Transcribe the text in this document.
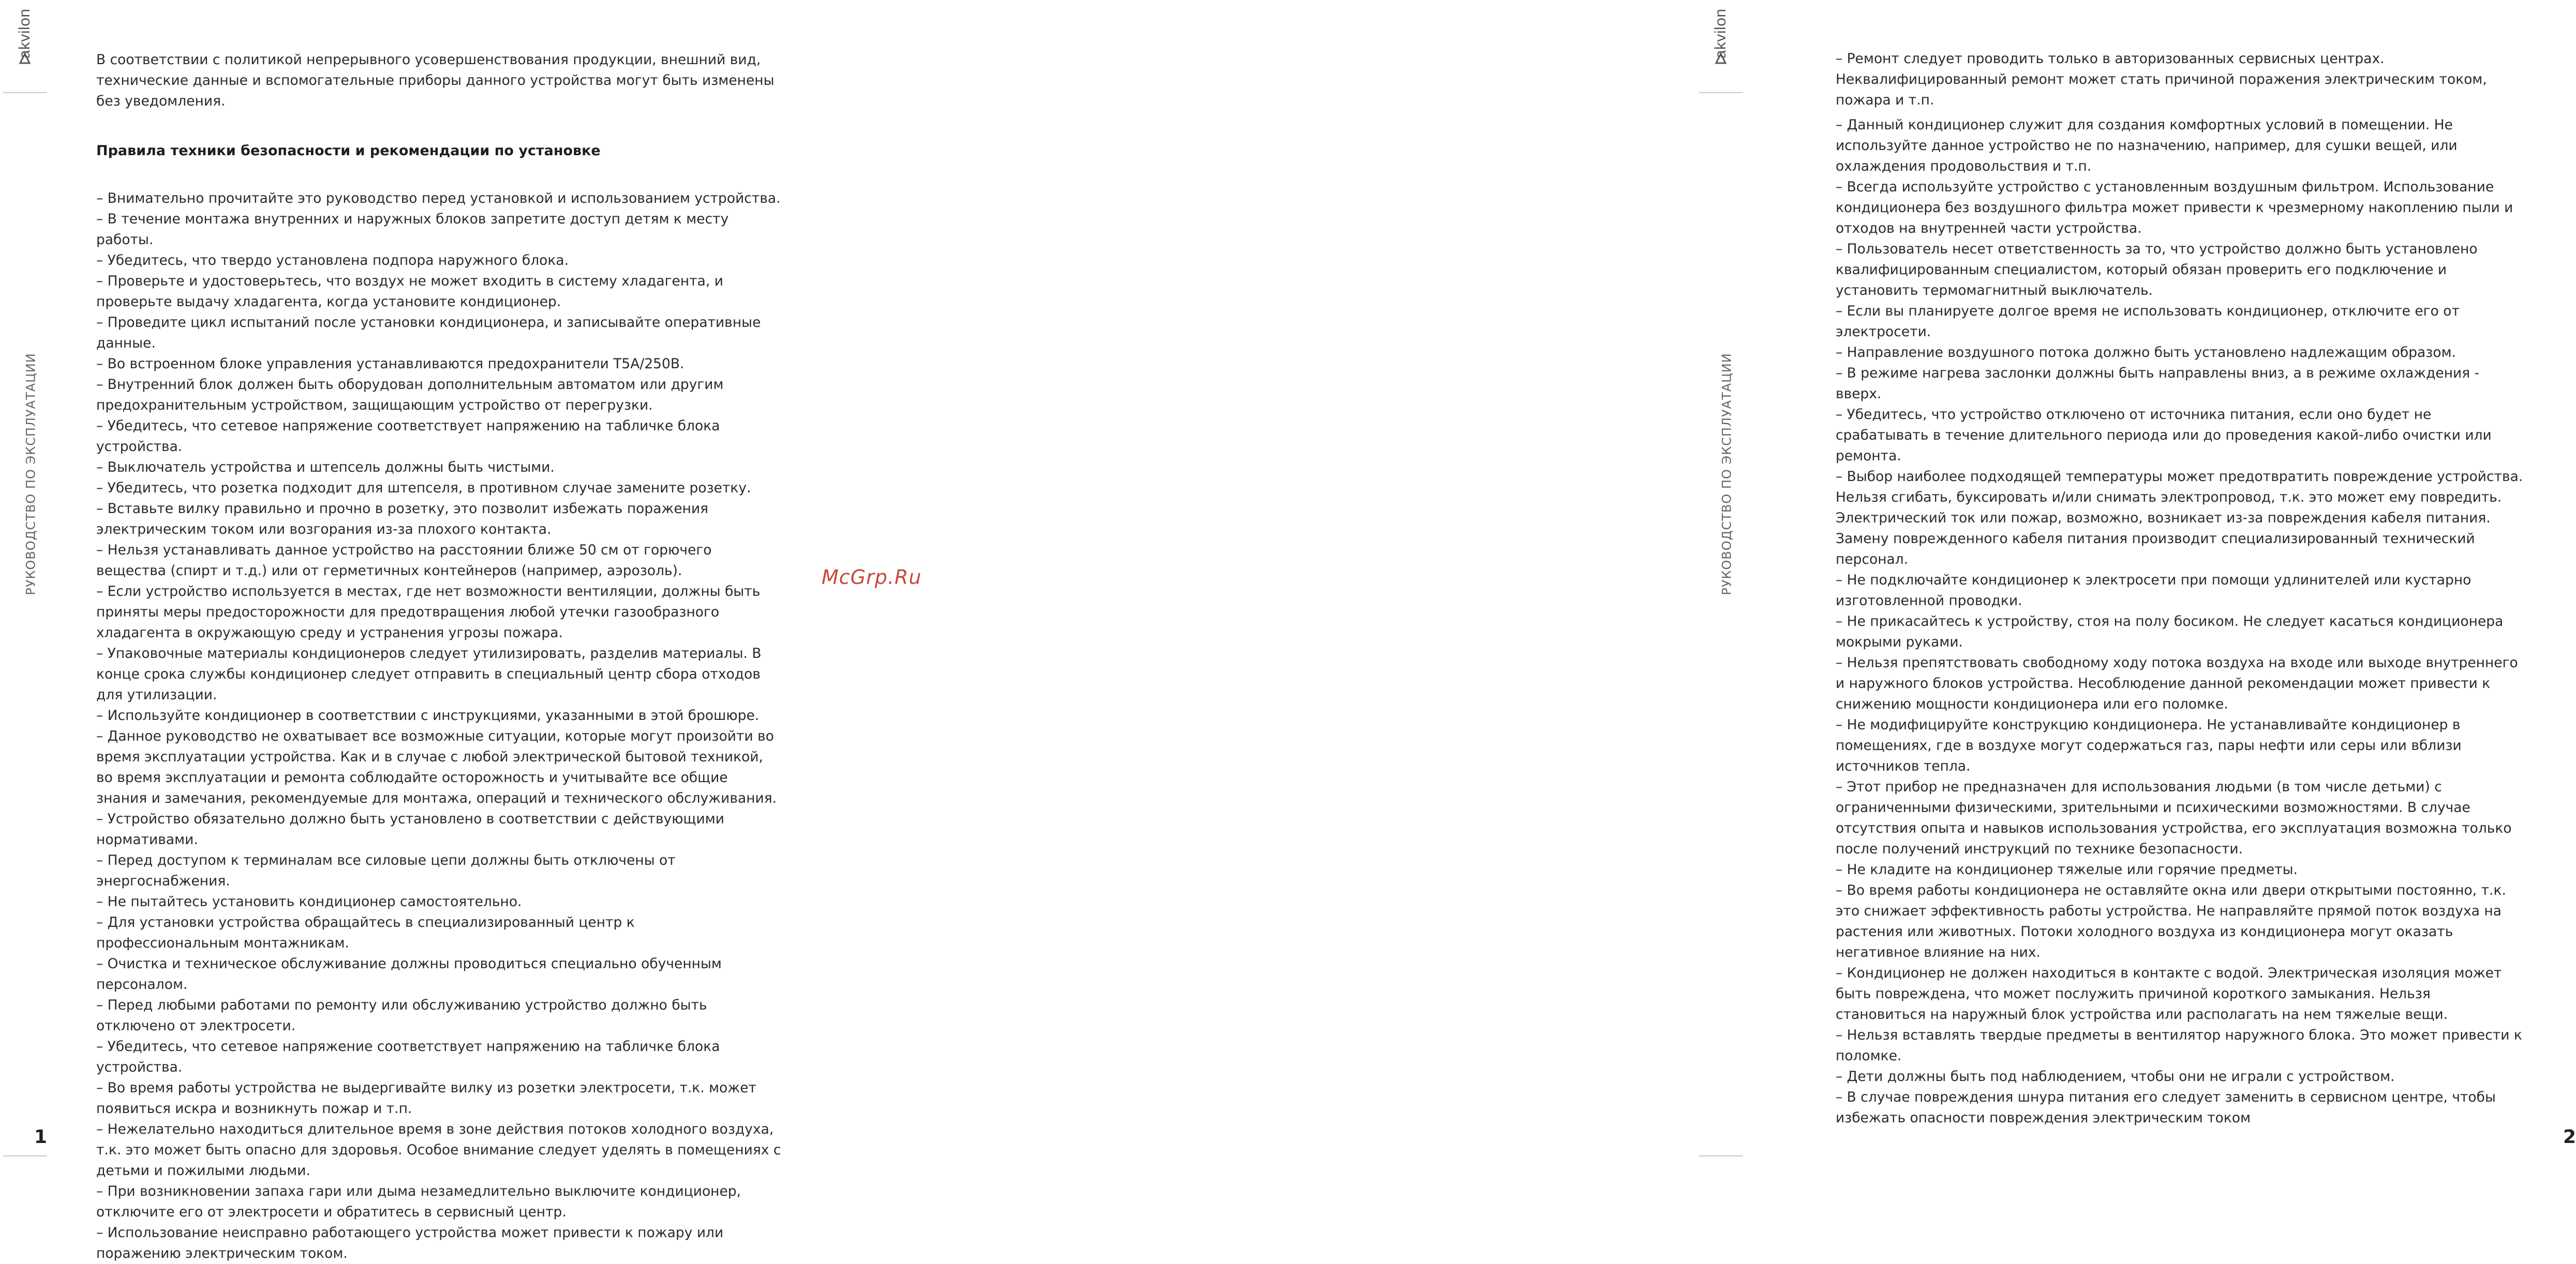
akvilon
РУКОВОДСТВО ПО ЭКСПЛУАТАЦИИ

В соответствии с политикой непрерывного усовершенствования продукции, внешний вид, технические данные и вспомогательные приборы данного устройства могут быть изменены без уведомления.

Правила техники безопасности и рекомендации по установке

– Внимательно прочитайте это руководство перед установкой и использованием устройства.

– В течение монтажа внутренних и наружных блоков запретите доступ детям к месту работы.

– Убедитесь, что твердо установлена подпора наружного блока.

– Проверьте и удостоверьтесь, что воздух не может входить в систему хладагента, и проверьте выдачу хладагента, когда установите кондиционер.

– Проведите цикл испытаний после установки кондиционера, и записывайте оперативные данные.

– Во встроенном блоке управления устанавливаются предохранители T5A/250В.

– Внутренний блок должен быть оборудован дополнительным автоматом или другим предохранительным устройством, защищающим устройство от перегрузки.

– Убедитесь, что сетевое напряжение соответствует напряжению на табличке блока устройства.

– Выключатель устройства и штепсель должны быть чистыми.

– Убедитесь, что розетка подходит для штепселя, в противном случае замените розетку.

– Вставьте вилку правильно и прочно в розетку, это позволит избежать поражения электрическим током или возгорания из-за плохого контакта.

– Нельзя устанавливать данное устройство на расстоянии ближе 50 см от горючего вещества (спирт и т.д.) или от герметичных контейнеров (например, аэрозоль).

– Если устройство используется в местах, где нет возможности вентиляции, должны быть приняты меры предосторожности для предотвращения любой утечки газообразного хладагента в окружающую среду и устранения угрозы пожара.

– Упаковочные материалы кондиционеров следует утилизировать, разделив материалы. В конце срока службы кондиционер следует отправить в специальный центр сбора отходов для утилизации.

– Используйте кондиционер в соответствии с инструкциями, указанными в этой брошюре.

– Данное руководство не охватывает все возможные ситуации, которые могут произойти во время эксплуатации устройства. Как и в случае с любой электрической бытовой техникой, во время эксплуатации и ремонта соблюдайте осторожность и учитывайте все общие знания и замечания, рекомендуемые для монтажа, операций и технического обслуживания.

– Устройство обязательно должно быть установлено в соответствии с действующими нормативами.

– Перед доступом к терминалам все силовые цепи должны быть отключены от энергоснабжения.

– Не пытайтесь установить кондиционер самостоятельно.

– Для установки устройства обращайтесь в специализированный центр к профессиональным монтажникам.

– Очистка и техническое обслуживание должны проводиться специально обученным персоналом.

– Перед любыми работами по ремонту или обслуживанию устройство должно быть отключено от электросети.

– Убедитесь, что сетевое напряжение соответствует напряжению на табличке блока устройства.

– Во время работы устройства не выдергивайте вилку из розетки электросети, т.к. может появиться искра и возникнуть пожар и т.п.

– Нежелательно находиться длительное время в зоне действия потоков холодного воздуха, т.к. это может быть опасно для здоровья. Особое внимание следует уделять в помещениях с детьми и пожилыми людьми.

– При возникновении запаха гари или дыма незамедлительно выключите кондиционер, отключите его от электросети и обратитесь в сервисный центр.

– Использование неисправно работающего устройства может привести к пожару или поражению электрическим током.

1
McGrp.Ru
akvilon
РУКОВОДСТВО ПО ЭКСПЛУАТАЦИИ

– Ремонт следует проводить только в авторизованных сервисных центрах. Неквалифицированный ремонт может стать причиной поражения электрическим током, пожара и т.п.

– Данный кондиционер служит для создания комфортных условий в помещении. Не используйте данное устройство не по назначению, например, для сушки вещей, или охлаждения продовольствия и т.п.

– Всегда используйте устройство с установленным воздушным фильтром. Использование кондиционера без воздушного фильтра может привести к чрезмерному накоплению пыли и отходов на внутренней части устройства.

– Пользователь несет ответственность за то, что устройство должно быть установлено квалифицированным специалистом, который обязан проверить его подключение и установить термомагнитный выключатель.

– Если вы планируете долгое время не использовать кондиционер, отключите его от электросети.

– Направление воздушного потока должно быть установлено надлежащим образом.

– В режиме нагрева заслонки должны быть направлены вниз, а в режиме охлаждения - вверх.

– Убедитесь, что устройство отключено от источника питания, если оно будет не срабатывать в течение длительного периода или до проведения какой-либо очистки или ремонта.

– Выбор наиболее подходящей температуры может предотвратить повреждение устройства. Нельзя сгибать, буксировать и/или снимать электропровод, т.к. это может ему повредить. Электрический ток или пожар, возможно, возникает из-за повреждения кабеля питания. Замену поврежденного кабеля питания производит специализированный технический персонал.

– Не подключайте кондиционер к электросети при помощи удлинителей или кустарно изготовленной проводки.

– Не прикасайтесь к устройству, стоя на полу босиком. Не следует касаться кондиционера мокрыми руками.

– Нельзя препятствовать свободному ходу потока воздуха на входе или выходе внутреннего и наружного блоков устройства. Несоблюдение данной рекомендации может привести к снижению мощности кондиционера или его поломке.

– Не модифицируйте конструкцию кондиционера. Не устанавливайте кондиционер в помещениях, где в воздухе могут содержаться газ, пары нефти или серы или вблизи источников тепла.

– Этот прибор не предназначен для использования людьми (в том числе детьми) с ограниченными физическими, зрительными и психическими возможностями. В случае отсутствия опыта и навыков использования устройства, его эксплуатация возможна только после получений инструкций по технике безопасности.

– Не кладите на кондиционер тяжелые или горячие предметы.

– Во время работы кондиционера не оставляйте окна или двери открытыми постоянно, т.к. это снижает эффективность работы устройства. Не направляйте прямой поток воздуха на растения или животных. Потоки холодного воздуха из кондиционера могут оказать негативное влияние на них.

– Кондиционер не должен находиться в контакте с водой. Электрическая изоляция может быть повреждена, что может послужить причиной короткого замыкания. Нельзя становиться на наружный блок устройства или располагать на нем тяжелые вещи.

– Нельзя вставлять твердые предметы в вентилятор наружного блока. Это может привести к поломке.

– Дети должны быть под наблюдением, чтобы они не играли с устройством.

– В случае повреждения шнура питания его следует заменить в сервисном центре, чтобы избежать опасности повреждения электрическим током

2
